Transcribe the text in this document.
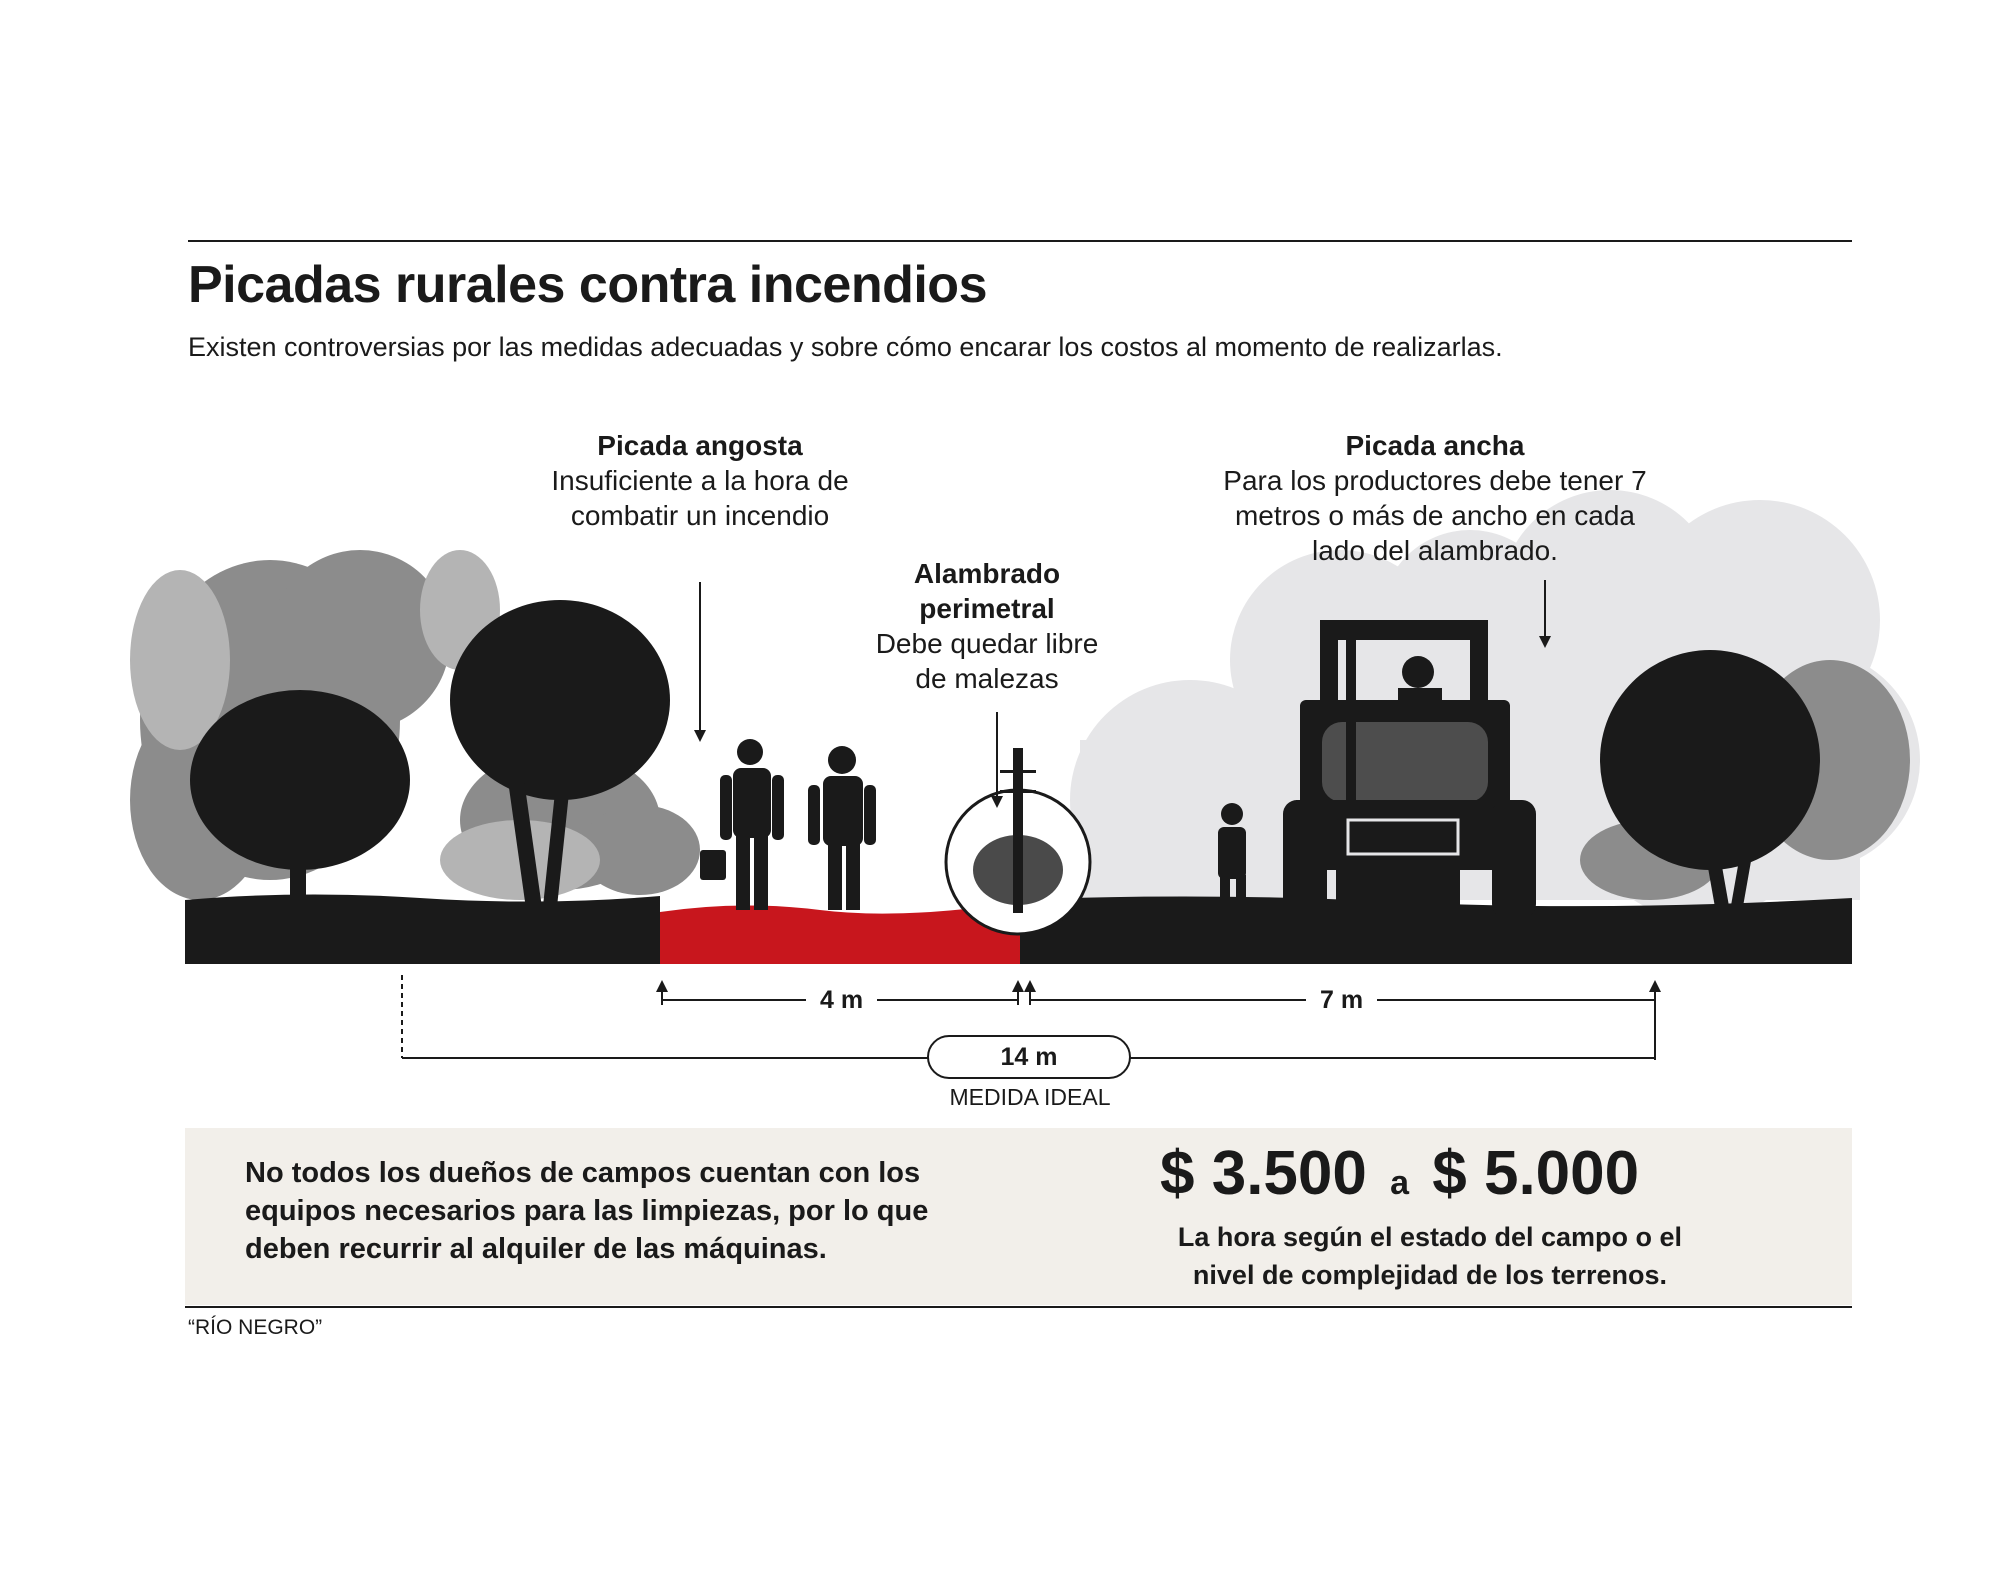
Picadas rurales contra incendios

Existen controversias por las medidas adecuadas y sobre cómo encarar los costos al momento de realizarlas.

Picada angosta
Insuficiente a la hora de combatir un incendio
Alambrado perimetral
Debe quedar libre de malezas
Picada ancha
Para los productores debe tener 7 metros o más de ancho en cada lado del alambrado.
4 m	7 m
14 m
MEDIDA IDEAL
No todos los dueños de campos cuentan con los equipos necesarios para las limpiezas, por lo que deben recurrir al alquiler de las máquinas.
$ 3.500 a $ 5.000
La hora según el estado del campo o el nivel de complejidad de los terrenos.
“RÍO NEGRO”
